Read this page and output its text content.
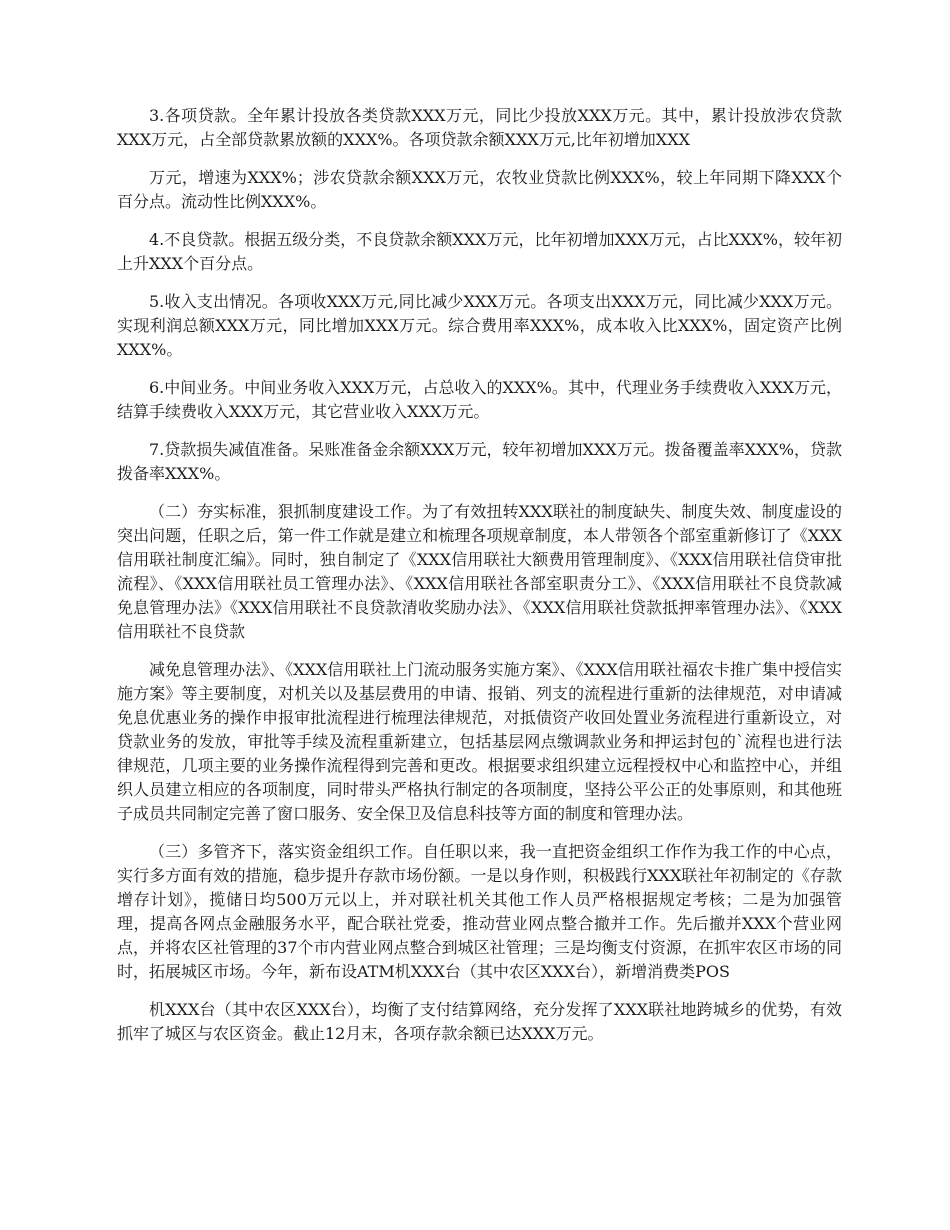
3.各项贷款。全年累计投放各类贷款XXX万元，同比少投放XXX万元。其中，累计投放涉农贷款XXX万元，占全部贷款累放额的XXX%。各项贷款余额XXX万元,比年初增加XXX

万元，增速为XXX%；涉农贷款余额XXX万元，农牧业贷款比例XXX%，较上年同期下降XXX个百分点。流动性比例XXX%。

4.不良贷款。根据五级分类，不良贷款余额XXX万元，比年初增加XXX万元，占比XXX%，较年初上升XXX个百分点。

5.收入支出情况。各项收XXX万元,同比减少XXX万元。各项支出XXX万元，同比减少XXX万元。实现利润总额XXX万元，同比增加XXX万元。综合费用率XXX%，成本收入比XXX%，固定资产比例XXX%。

6.中间业务。中间业务收入XXX万元，占总收入的XXX%。其中，代理业务手续费收入XXX万元，结算手续费收入XXX万元，其它营业收入XXX万元。

7.贷款损失减值准备。呆账准备金余额XXX万元，较年初增加XXX万元。拨备覆盖率XXX%，贷款拨备率XXX%。

（二）夯实标准，狠抓制度建设工作。为了有效扭转XXX联社的制度缺失、制度失效、制度虚设的突出问题，任职之后，第一件工作就是建立和梳理各项规章制度，本人带领各个部室重新修订了《XXX信用联社制度汇编》。同时，独自制定了《XXX信用联社大额费用管理制度》、《XXX信用联社信贷审批流程》、《XXX信用联社员工管理办法》、《XXX信用联社各部室职责分工》、《XXX信用联社不良贷款减免息管理办法》《XXX信用联社不良贷款清收奖励办法》、《XXX信用联社贷款抵押率管理办法》、《XXX信用联社不良贷款

减免息管理办法》、《XXX信用联社上门流动服务实施方案》、《XXX信用联社福农卡推广集中授信实施方案》等主要制度，对机关以及基层费用的申请、报销、列支的流程进行重新的法律规范，对申请减免息优惠业务的操作申报审批流程进行梳理法律规范，对抵债资产收回处置业务流程进行重新设立，对贷款业务的发放，审批等手续及流程重新建立，包括基层网点缴调款业务和押运封包的`流程也进行法律规范，几项主要的业务操作流程得到完善和更改。根据要求组织建立远程授权中心和监控中心，并组织人员建立相应的各项制度，同时带头严格执行制定的各项制度，坚持公平公正的处事原则，和其他班子成员共同制定完善了窗口服务、安全保卫及信息科技等方面的制度和管理办法。

（三）多管齐下，落实资金组织工作。自任职以来，我一直把资金组织工作作为我工作的中心点，实行多方面有效的措施，稳步提升存款市场份额。一是以身作则，积极践行XXX联社年初制定的《存款增存计划》，揽储日均500万元以上，并对联社机关其他工作人员严格根据规定考核；二是为加强管理，提高各网点金融服务水平，配合联社党委，推动营业网点整合撤并工作。先后撤并XXX个营业网点，并将农区社管理的37个市内营业网点整合到城区社管理；三是均衡支付资源，在抓牢农区市场的同时，拓展城区市场。今年，新布设ATM机XXX台（其中农区XXX台），新增消费类POS

机XXX台（其中农区XXX台），均衡了支付结算网络，充分发挥了XXX联社地跨城乡的优势，有效抓牢了城区与农区资金。截止12月末，各项存款余额已达XXX万元。
